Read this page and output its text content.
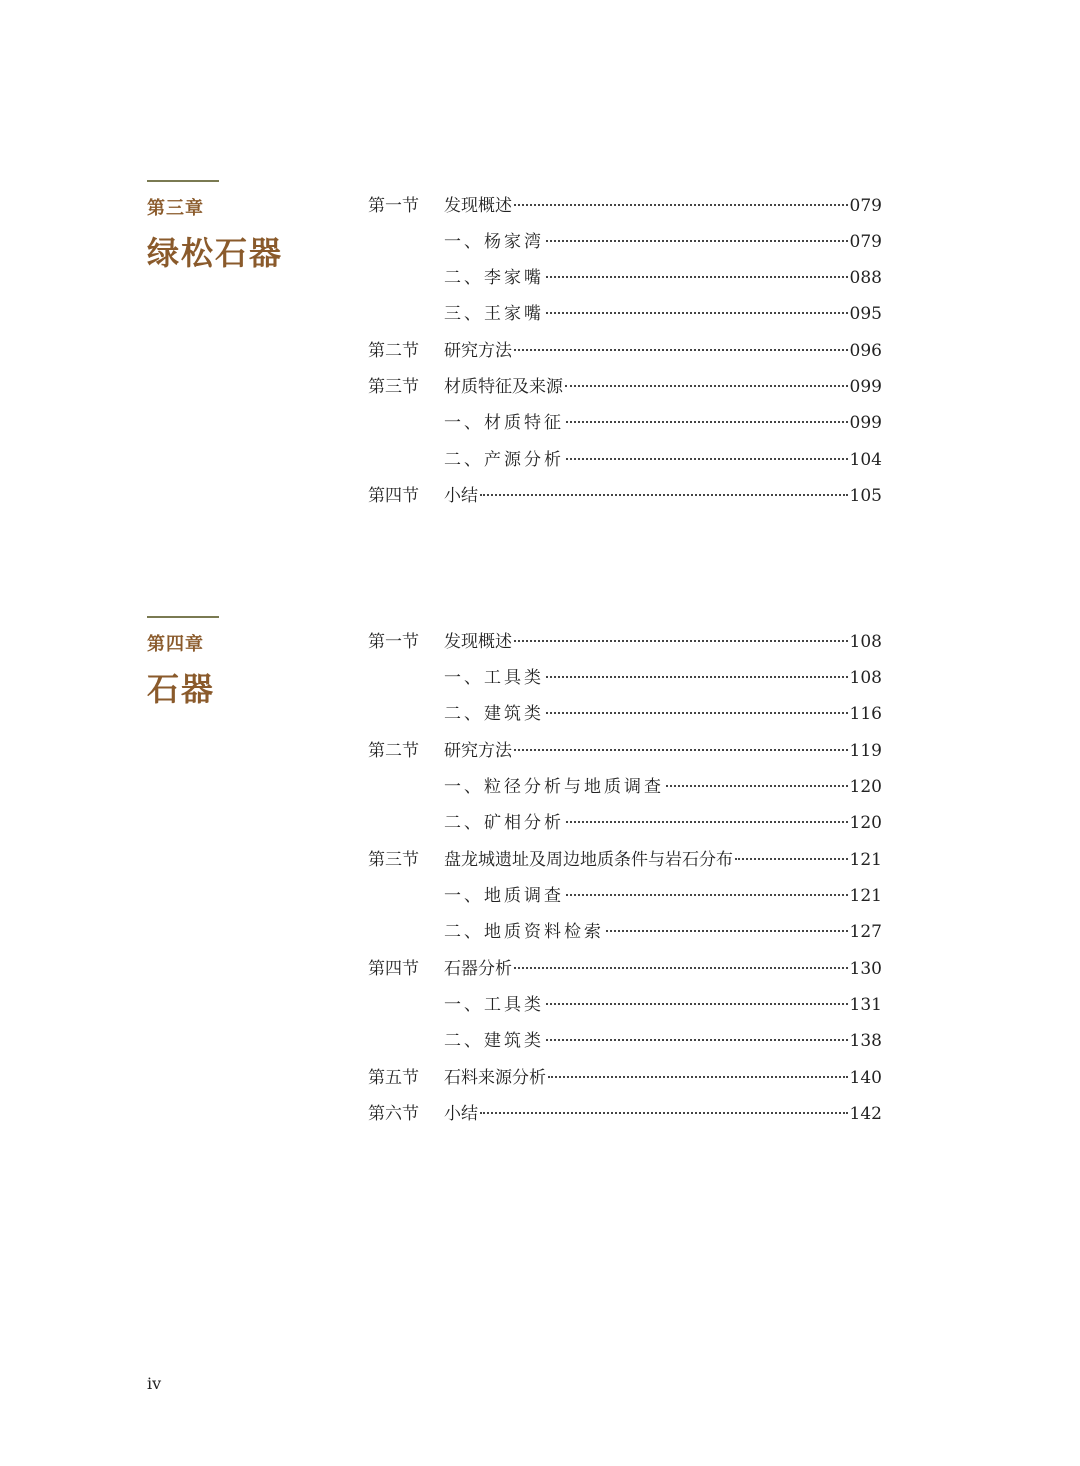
第三章
绿松石器
第一节	发现概述	079
一、杨家湾	079
二、李家嘴	088
三、王家嘴	095
第二节	研究方法	096
第三节	材质特征及来源	099
一、材质特征	099
二、产源分析	104
第四节	小结	105
第四章
石器
第一节	发现概述	108
一、工具类	108
二、建筑类	116
第二节	研究方法	119
一、粒径分析与地质调查	120
二、矿相分析	120
第三节	盘龙城遗址及周边地质条件与岩石分布	121
一、地质调查	121
二、地质资料检索	127
第四节	石器分析	130
一、工具类	131
二、建筑类	138
第五节	石料来源分析	140
第六节	小结	142
iv
